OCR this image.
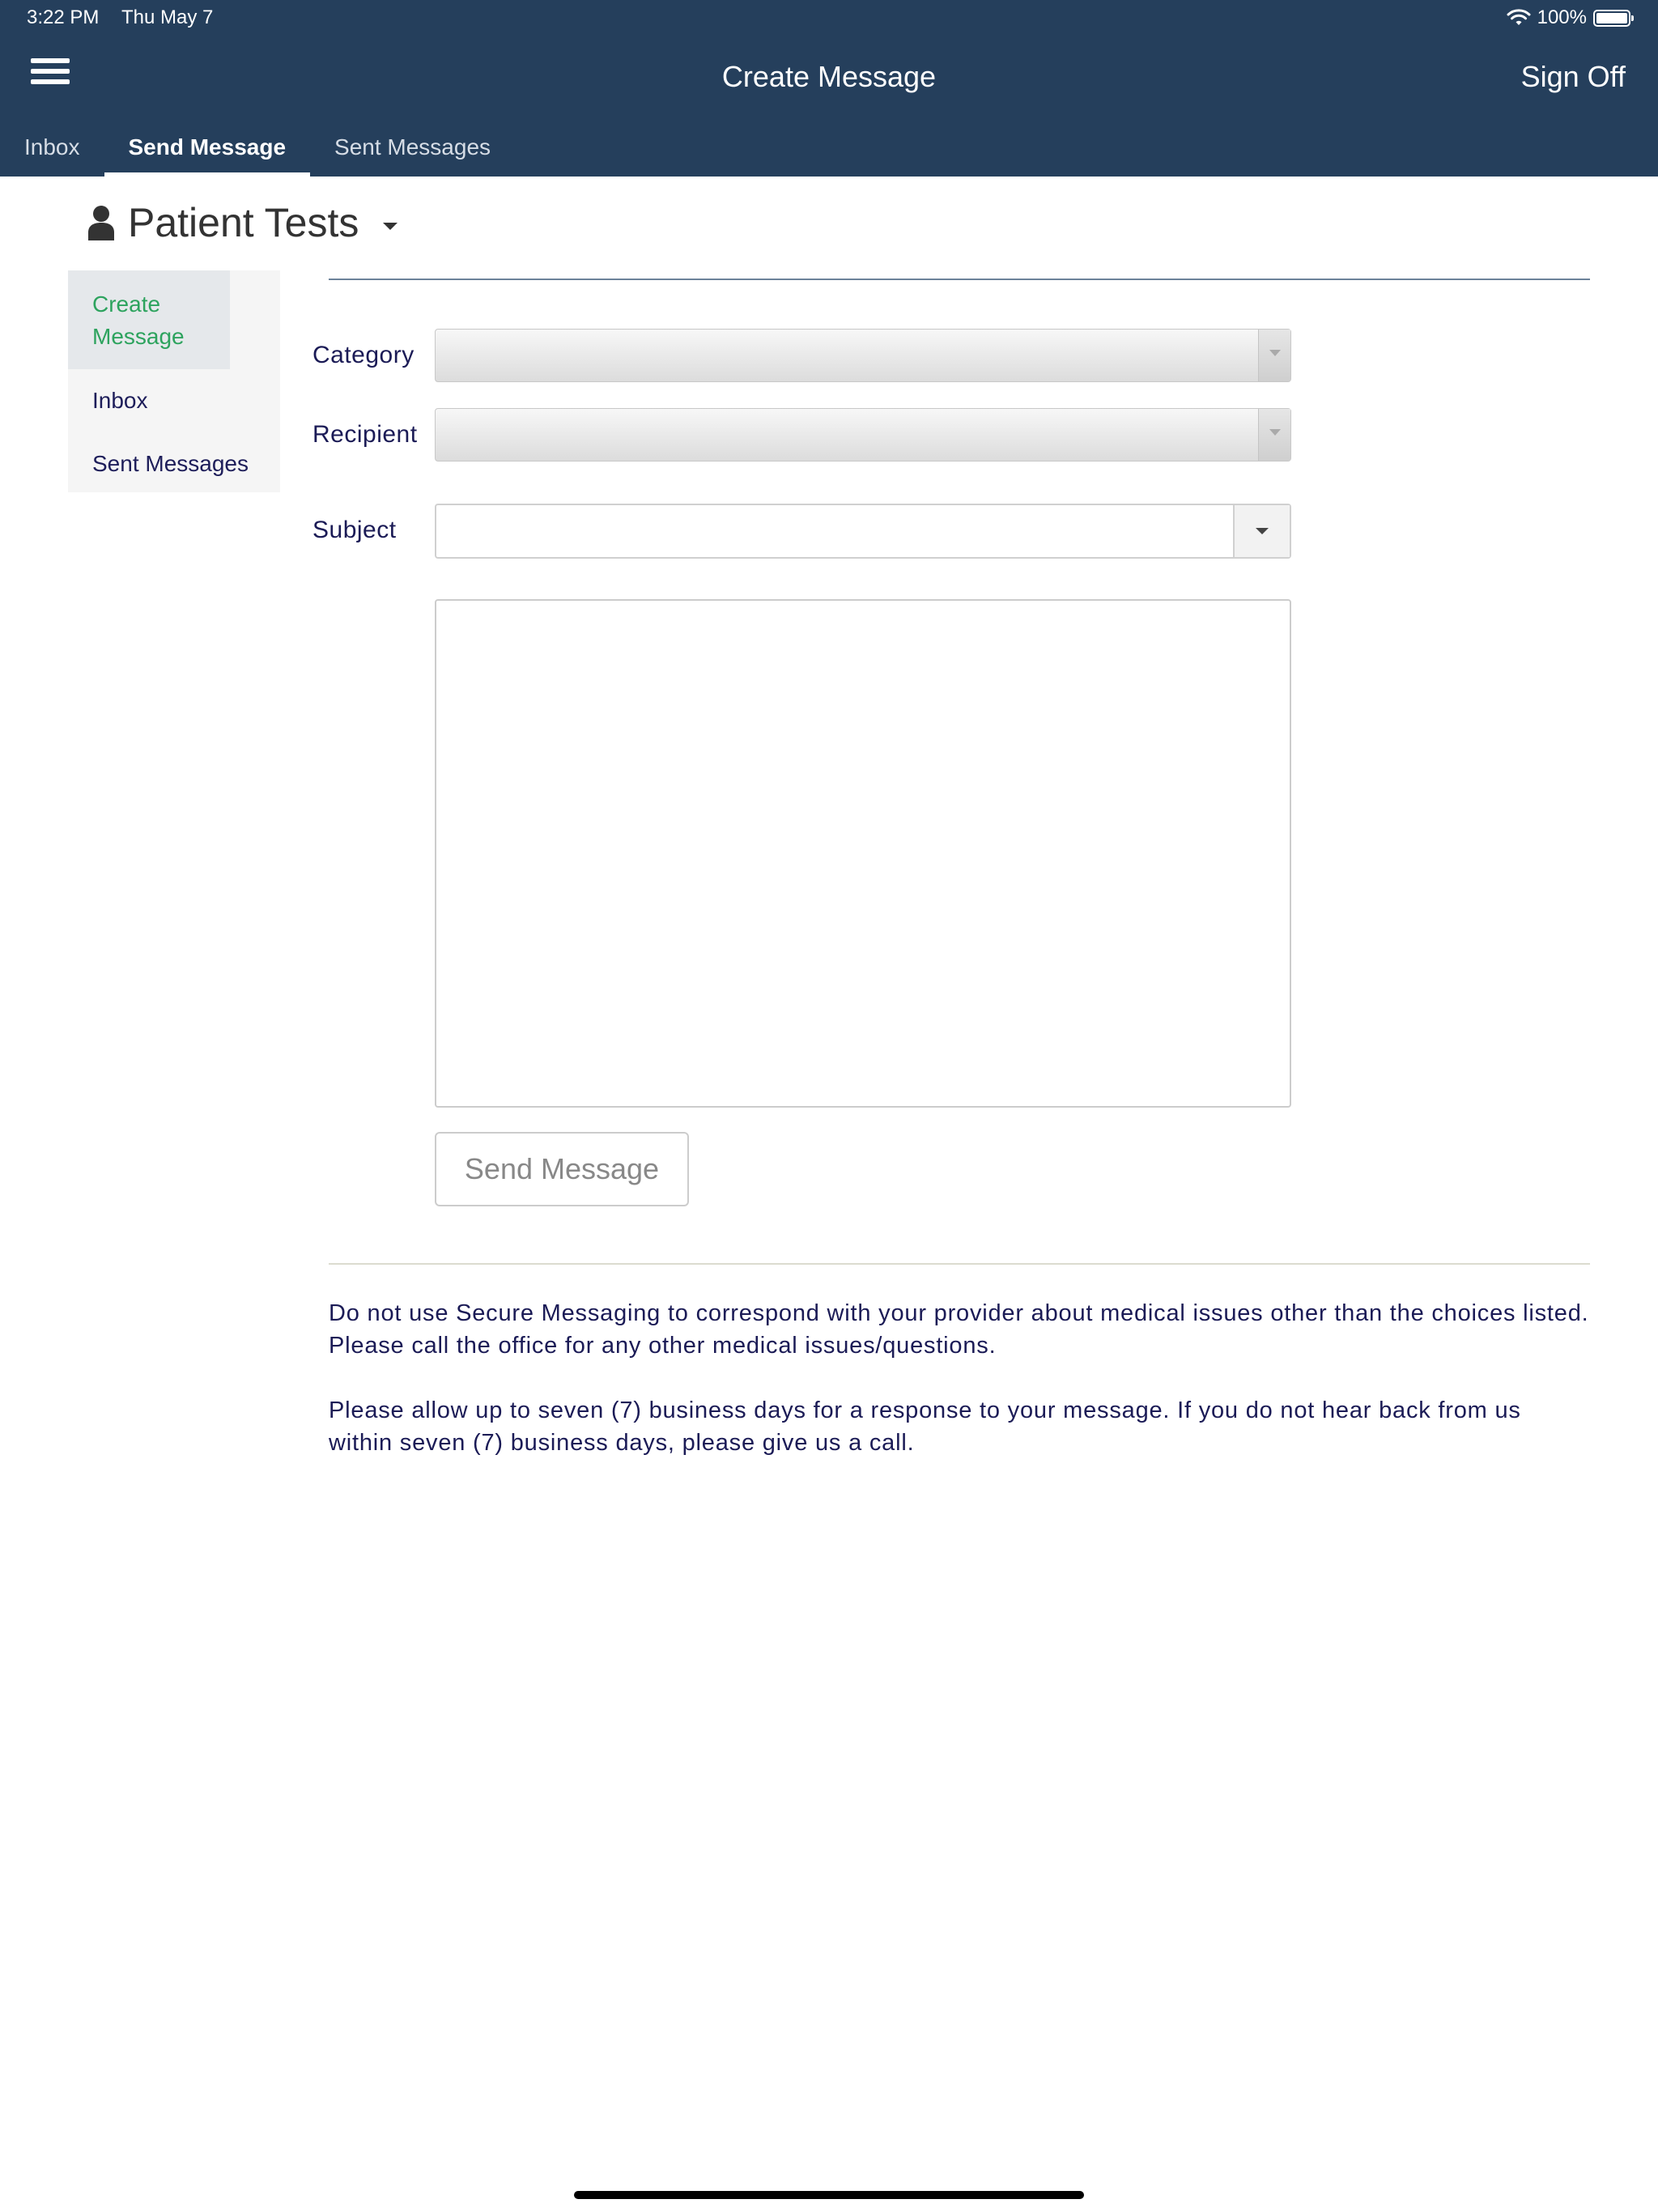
3:22 PM Thu May 7	100%
Create Message	Sign Off
Inbox	Send Message	Sent Messages
Patient Tests
Create Message
Inbox
Sent Messages
Category
Recipient
Subject
Send Message

Do not use Secure Messaging to correspond with your provider about medical issues other than the choices listed. Please call the office for any other medical issues/questions.

Please allow up to seven (7) business days for a response to your message. If you do not hear back from us within seven (7) business days, please give us a call.
